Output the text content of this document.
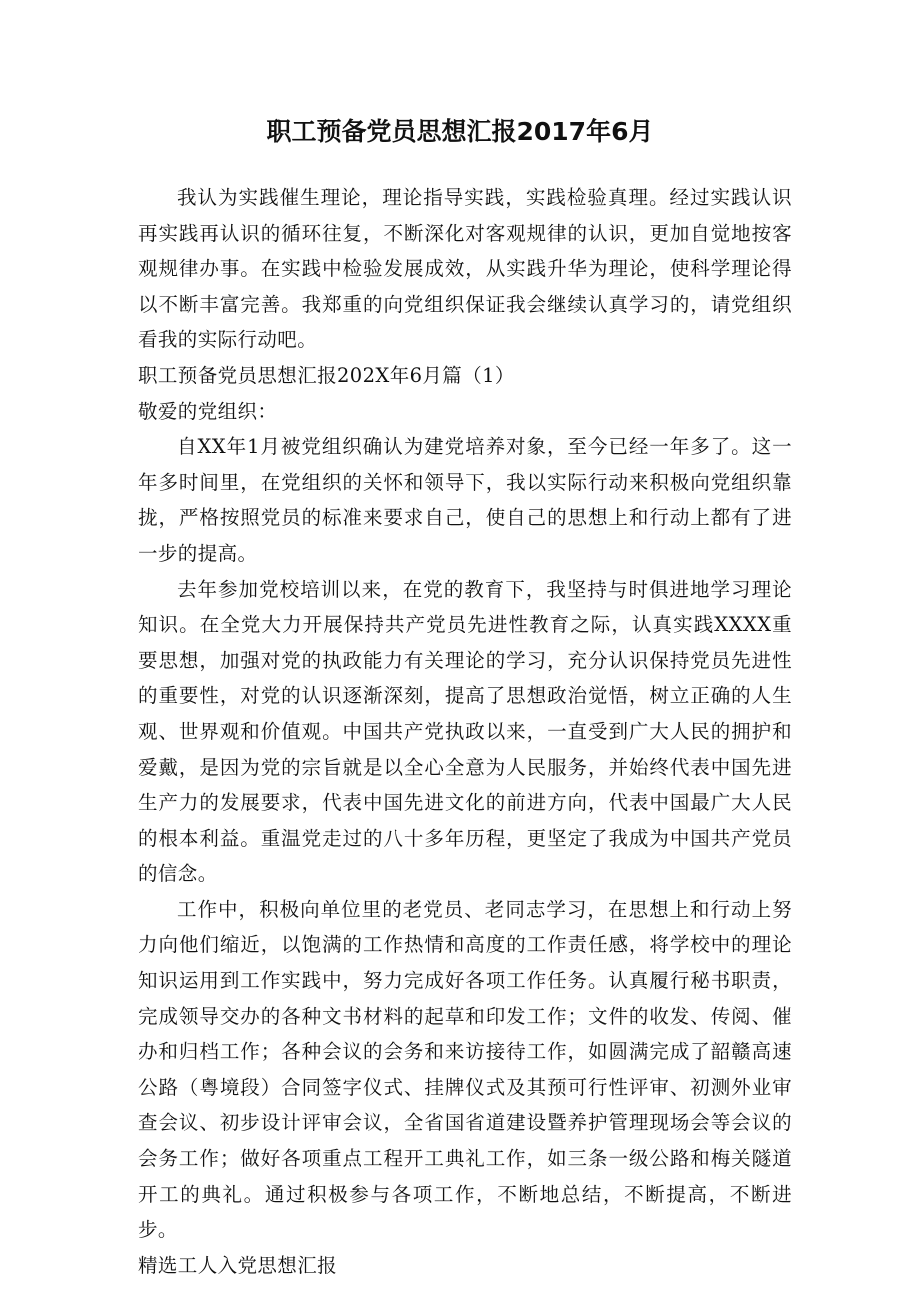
职工预备党员思想汇报2017年6月

我认为实践催生理论，理论指导实践，实践检验真理。经过实践认识再实践再认识的循环往复，不断深化对客观规律的认识，更加自觉地按客观规律办事。在实践中检验发展成效，从实践升华为理论，使科学理论得以不断丰富完善。我郑重的向党组织保证我会继续认真学习的，请党组织看我的实际行动吧。

职工预备党员思想汇报202X年6月篇（1）

敬爱的党组织：

自XX年1月被党组织确认为建党培养对象，至今已经一年多了。这一年多时间里，在党组织的关怀和领导下，我以实际行动来积极向党组织靠拢，严格按照党员的标准来要求自己，使自己的思想上和行动上都有了进一步的提高。

去年参加党校培训以来，在党的教育下，我坚持与时俱进地学习理论知识。在全党大力开展保持共产党员先进性教育之际，认真实践XXXX重要思想，加强对党的执政能力有关理论的学习，充分认识保持党员先进性的重要性，对党的认识逐渐深刻，提高了思想政治觉悟，树立正确的人生观、世界观和价值观。中国共产党执政以来，一直受到广大人民的拥护和爱戴，是因为党的宗旨就是以全心全意为人民服务，并始终代表中国先进生产力的发展要求，代表中国先进文化的前进方向，代表中国最广大人民的根本利益。重温党走过的八十多年历程，更坚定了我成为中国共产党员的信念。

工作中，积极向单位里的老党员、老同志学习，在思想上和行动上努力向他们缩近，以饱满的工作热情和高度的工作责任感，将学校中的理论知识运用到工作实践中，努力完成好各项工作任务。认真履行秘书职责，完成领导交办的各种文书材料的起草和印发工作；文件的收发、传阅、催办和归档工作；各种会议的会务和来访接待工作，如圆满完成了韶赣高速公路（粤境段）合同签字仪式、挂牌仪式及其预可行性评审、初测外业审查会议、初步设计评审会议，全省国省道建设暨养护管理现场会等会议的会务工作；做好各项重点工程开工典礼工作，如三条一级公路和梅关隧道开工的典礼。通过积极参与各项工作，不断地总结，不断提高，不断进步。

精选工人入党思想汇报
